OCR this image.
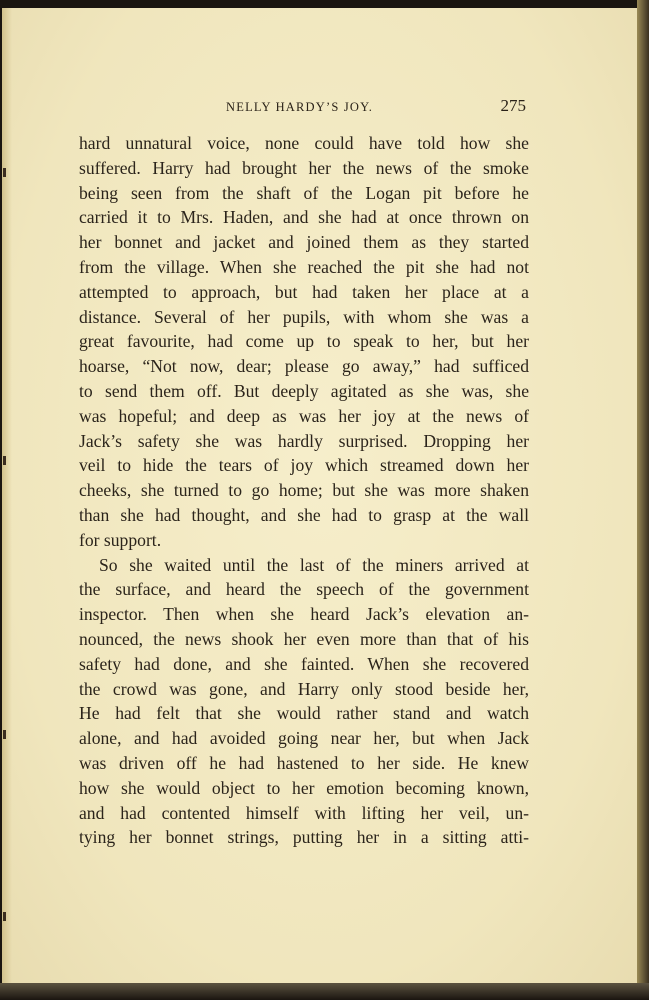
NELLY HARDY’S JOY.	275
hard unnatural voice, none could have told how she
suffered. Harry had brought her the news of the smoke
being seen from the shaft of the Logan pit before he
carried it to Mrs. Haden, and she had at once thrown on
her bonnet and jacket and joined them as they started
from the village. When she reached the pit she had not
attempted to approach, but had taken her place at a
distance. Several of her pupils, with whom she was a
great favourite, had come up to speak to her, but her
hoarse, “Not now, dear; please go away,” had sufficed
to send them off. But deeply agitated as she was, she
was hopeful; and deep as was her joy at the news of
Jack’s safety she was hardly surprised. Dropping her
veil to hide the tears of joy which streamed down her
cheeks, she turned to go home; but she was more shaken
than she had thought, and she had to grasp at the wall
for support.
So she waited until the last of the miners arrived at
the surface, and heard the speech of the government
inspector. Then when she heard Jack’s elevation an-
nounced, the news shook her even more than that of his
safety had done, and she fainted. When she recovered
the crowd was gone, and Harry only stood beside her,
He had felt that she would rather stand and watch
alone, and had avoided going near her, but when Jack
was driven off he had hastened to her side. He knew
how she would object to her emotion becoming known,
and had contented himself with lifting her veil, un-
tying her bonnet strings, putting her in a sitting atti-
